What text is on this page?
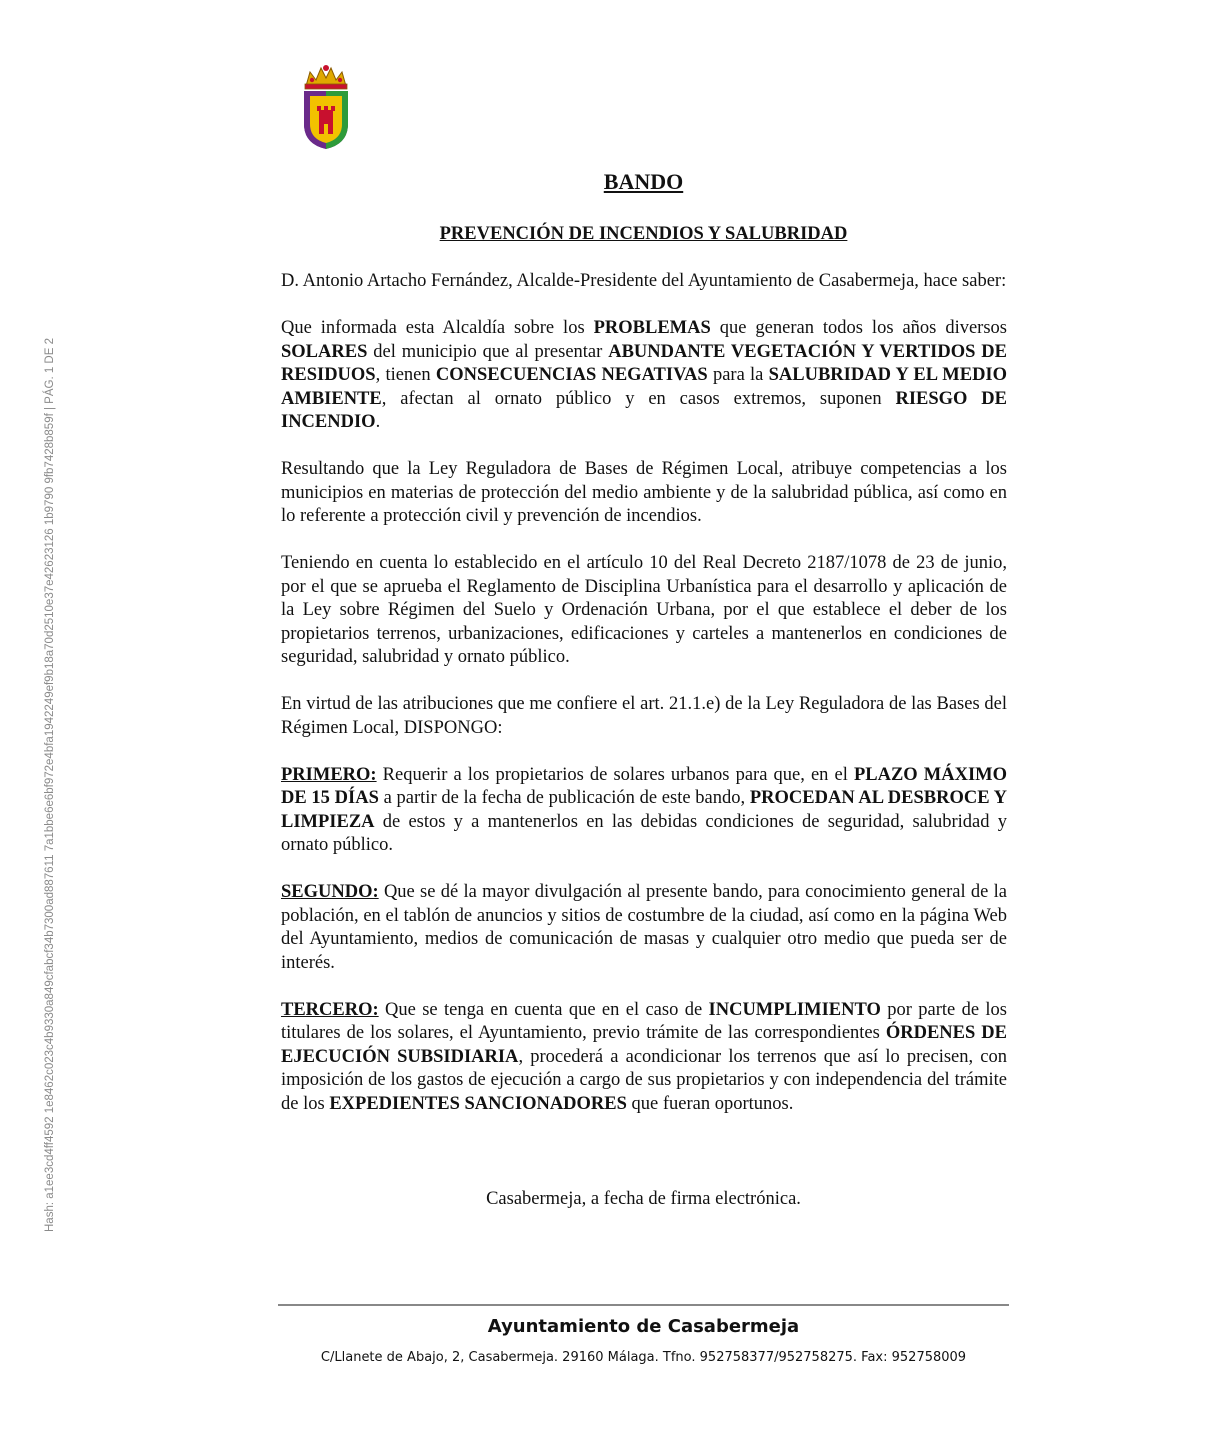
Hash: a1ee3cd4ff4592 1e8462c023c4b9330a849cfabcf34b7300ad887611 7a1bbe6e6bf972e4bfa1942249ef9b18a70d2510e37e42623126 1b9790 9fb7428b859f | PÁG. 1 DE 2
BANDO
PREVENCIÓN DE INCENDIOS Y SALUBRIDAD

D. Antonio Artacho Fernández, Alcalde-Presidente del Ayuntamiento de Casabermeja, hace saber:

Que informada esta Alcaldía sobre los PROBLEMAS que generan todos los años diversos SOLARES del municipio que al presentar ABUNDANTE VEGETACIÓN Y VERTIDOS DE RESIDUOS, tienen CONSECUENCIAS NEGATIVAS para la SALUBRIDAD Y EL MEDIO AMBIENTE, afectan al ornato público y en casos extremos, suponen RIESGO DE INCENDIO.

Resultando que la Ley Reguladora de Bases de Régimen Local, atribuye competencias a los municipios en materias de protección del medio ambiente y de la salubridad pública, así como en lo referente a protección civil y prevención de incendios.

Teniendo en cuenta lo establecido en el artículo 10 del Real Decreto 2187/1078 de 23 de junio, por el que se aprueba el Reglamento de Disciplina Urbanística para el desarrollo y aplicación de la Ley sobre Régimen del Suelo y Ordenación Urbana, por el que establece el deber de los propietarios terrenos, urbanizaciones, edificaciones y carteles a mantenerlos en condiciones de seguridad, salubridad y ornato público.

En virtud de las atribuciones que me confiere el art. 21.1.e) de la Ley Reguladora de las Bases del Régimen Local, DISPONGO:

PRIMERO: Requerir a los propietarios de solares urbanos para que, en el PLAZO MÁXIMO DE 15 DÍAS a partir de la fecha de publicación de este bando, PROCEDAN AL DESBROCE Y LIMPIEZA de estos y a mantenerlos en las debidas condiciones de seguridad, salubridad y ornato público.

SEGUNDO: Que se dé la mayor divulgación al presente bando, para conocimiento general de la población, en el tablón de anuncios y sitios de costumbre de la ciudad, así como en la página Web del Ayuntamiento, medios de comunicación de masas y cualquier otro medio que pueda ser de interés.

TERCERO: Que se tenga en cuenta que en el caso de INCUMPLIMIENTO por parte de los titulares de los solares, el Ayuntamiento, previo trámite de las correspondientes ÓRDENES DE EJECUCIÓN SUBSIDIARIA, procederá a acondicionar los terrenos que así lo precisen, con imposición de los gastos de ejecución a cargo de sus propietarios y con independencia del trámite de los EXPEDIENTES SANCIONADORES que fueran oportunos.

Casabermeja, a fecha de firma electrónica.
Ayuntamiento de Casabermeja
C/Llanete de Abajo, 2, Casabermeja. 29160 Málaga. Tfno. 952758377/952758275. Fax: 952758009
